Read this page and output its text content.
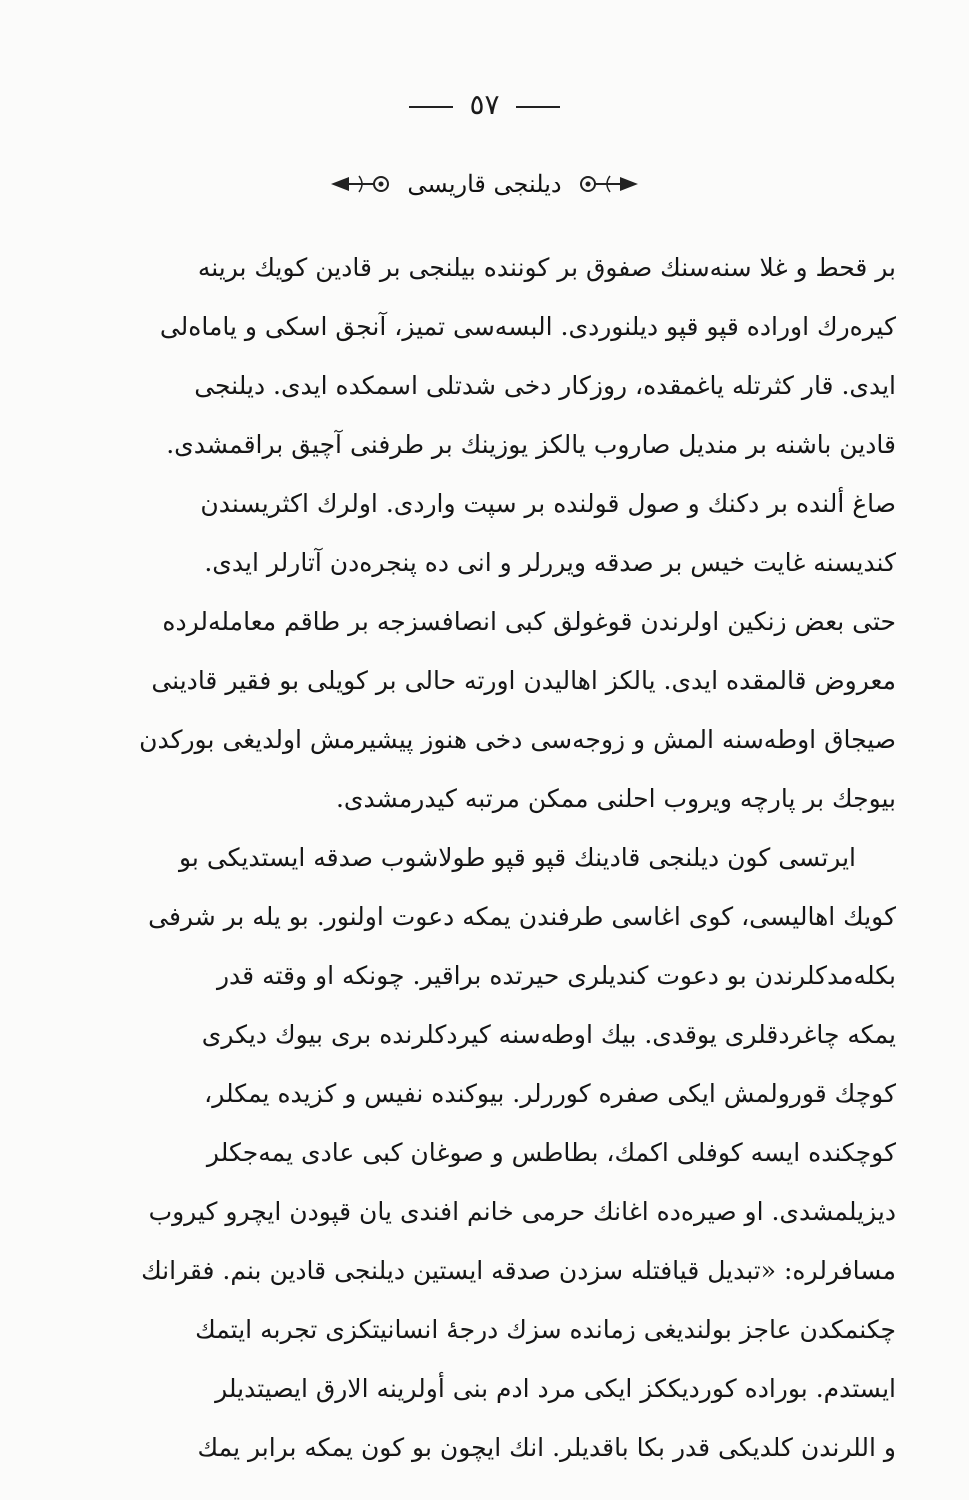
٥٧
دیلنجی قاریسی
بر قحط و غلا سنه‌سنك صفوق بر کوننده بیلنجی بر قادین کویك برینه
کیره‌رك اوراده قپو قپو دیلنوردی. البسه‌سی تمیز، آنجق اسکی و یاماه‌لی
ایدی. قار کثرتله یاغمقده، روزکار دخی شدتلی اسمکده ایدی. دیلنجی
قادین باشنه بر مندیل صاروب یالکز یوزینك بر طرفنی آچیق براقمشدی.
صاغ ألنده بر دکنك و صول قولنده بر سپت واردی. اولرك اکثریسندن
کندیسنه غایت خیس بر صدقه ویررلر و انی ده پنجره‌دن آتارلر ایدی.
حتی بعض زنکین اولرندن قوغولق کبی انصافسزجه بر طاقم معامله‌لرده
معروض قالمقده ایدی. یالکز اهالیدن اورته حالی بر کویلی بو فقیر قادینی
صیجاق اوطه‌سنه المش و زوجه‌سی دخی هنوز پیشیرمش اولدیغی بورکدن
بیوجك بر پارچه ویروب احلنی ممکن مرتبه کیدرمشدی.
ایرتسی کون دیلنجی قادینك قپو قپو طولاشوب صدقه ایستدیکی بو
کویك اهالیسی، کوی اغاسی طرفندن یمکه دعوت اولنور. بو یله بر شرفی
بکله‌مدکلرندن بو دعوت کندیلری حیرتده براقیر. چونکه او وقته قدر
یمکه چاغردقلری یوقدی. بیك اوطه‌سنه کیردکلرنده بری بیوك دیکری
کوچك قورولمش ایکی صفره کوررلر. بیوکنده نفیس و کزیده یمکلر،
کوچکنده ایسه کوفلی اکمك، بطاطس و صوغان کبی عادی یمه‌جکلر
دیزیلمشدی. او صیره‌ده اغانك حرمی خانم افندی یان قپودن ایچرو کیروب
مسافرلره: «تبدیل قیافتله سزدن صدقه ایستین دیلنجی قادین بنم. فقرانك
چکنمکدن عاجز بولندیغی زمانده سزك درجهٔ انسانیتکزی تجربه ایتمك
ایستدم. بوراده کوردیککز ایکی مرد ادم بنی أولرینه الارق ایصیتدیلر
و اللرندن کلدیکی قدر بکا باقدیلر. انك ایچون بو کون یمکه برابر یمك
